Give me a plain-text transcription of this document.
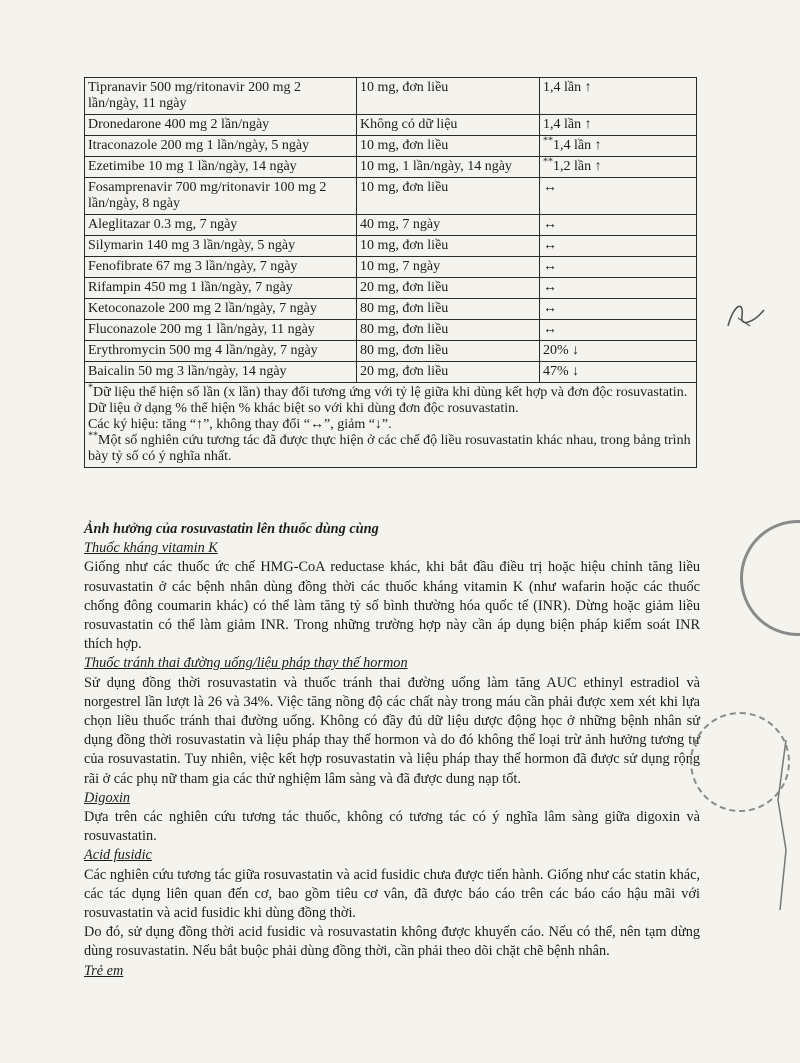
Tipranavir 500 mg/ritonavir 200 mg 2 lần/ngày, 11 ngày	10 mg, đơn liều	1,4 lần ↑
Dronedarone 400 mg 2 lần/ngày	Không có dữ liệu	1,4 lần ↑
Itraconazole 200 mg 1 lần/ngày, 5 ngày	10 mg, đơn liều	**1,4 lần ↑
Ezetimibe 10 mg 1 lần/ngày, 14 ngày	10 mg, 1 lần/ngày, 14 ngày	**1,2 lần ↑
Fosamprenavir 700 mg/ritonavir 100 mg 2 lần/ngày, 8 ngày	10 mg, đơn liều	↔
Aleglitazar 0.3 mg, 7 ngày	40 mg, 7 ngày	↔
Silymarin 140 mg 3 lần/ngày, 5 ngày	10 mg, đơn liều	↔
Fenofibrate 67 mg 3 lần/ngày, 7 ngày	10 mg, 7 ngày	↔
Rifampin 450 mg 1 lần/ngày, 7 ngày	20 mg, đơn liều	↔
Ketoconazole 200 mg 2 lần/ngày, 7 ngày	80 mg, đơn liều	↔
Fluconazole 200 mg 1 lần/ngày, 11 ngày	80 mg, đơn liều	↔
Erythromycin 500 mg 4 lần/ngày, 7 ngày	80 mg, đơn liều	20% ↓
Baicalin 50 mg 3 lần/ngày, 14 ngày	20 mg, đơn liều	47% ↓

*Dữ liệu thể hiện số lần (x lần) thay đổi tương ứng với tỷ lệ giữa khi dùng kết hợp và đơn độc rosuvastatin. Dữ liệu ở dạng % thể hiện % khác biệt so với khi dùng đơn độc rosuvastatin.

Các ký hiệu: tăng “↑”, không thay đổi “↔”, giảm “↓”.

**Một số nghiên cứu tương tác đã được thực hiện ở các chế độ liều rosuvastatin khác nhau, trong bảng trình bày tỷ số có ý nghĩa nhất.		

Ảnh hưởng của rosuvastatin lên thuốc dùng cùng

Thuốc kháng vitamin K

Giống như các thuốc ức chế HMG-CoA reductase khác, khi bắt đầu điều trị hoặc hiệu chỉnh tăng liều rosuvastatin ở các bệnh nhân dùng đồng thời các thuốc kháng vitamin K (như wafarin hoặc các thuốc chống đông coumarin khác) có thể làm tăng tỷ số bình thường hóa quốc tế (INR). Dừng hoặc giảm liều rosuvastatin có thể làm giảm INR. Trong những trường hợp này cần áp dụng biện pháp kiểm soát INR thích hợp.

Thuốc tránh thai đường uống/liệu pháp thay thế hormon

Sử dụng đồng thời rosuvastatin và thuốc tránh thai đường uống làm tăng AUC ethinyl estradiol và norgestrel lần lượt là 26 và 34%. Việc tăng nồng độ các chất này trong máu cần phải được xem xét khi lựa chọn liều thuốc tránh thai đường uống. Không có đầy đủ dữ liệu dược động học ở những bệnh nhân sử dụng đồng thời rosuvastatin và liệu pháp thay thế hormon và do đó không thể loại trừ ảnh hưởng tương tự của rosuvastatin. Tuy nhiên, việc kết hợp rosuvastatin và liệu pháp thay thế hormon đã được sử dụng rộng rãi ở các phụ nữ tham gia các thử nghiệm lâm sàng và đã được dung nạp tốt.

Digoxin

Dựa trên các nghiên cứu tương tác thuốc, không có tương tác có ý nghĩa lâm sàng giữa digoxin và rosuvastatin.

Acid fusidic

Các nghiên cứu tương tác giữa rosuvastatin và acid fusidic chưa được tiến hành. Giống như các statin khác, các tác dụng liên quan đến cơ, bao gồm tiêu cơ vân, đã được báo cáo trên các báo cáo hậu mãi với rosuvastatin và acid fusidic khi dùng đồng thời.

Do đó, sử dụng đồng thời acid fusidic và rosuvastatin không được khuyến cáo. Nếu có thể, nên tạm dừng dùng rosuvastatin. Nếu bắt buộc phải dùng đồng thời, cần phải theo dõi chặt chẽ bệnh nhân.

Trẻ em
